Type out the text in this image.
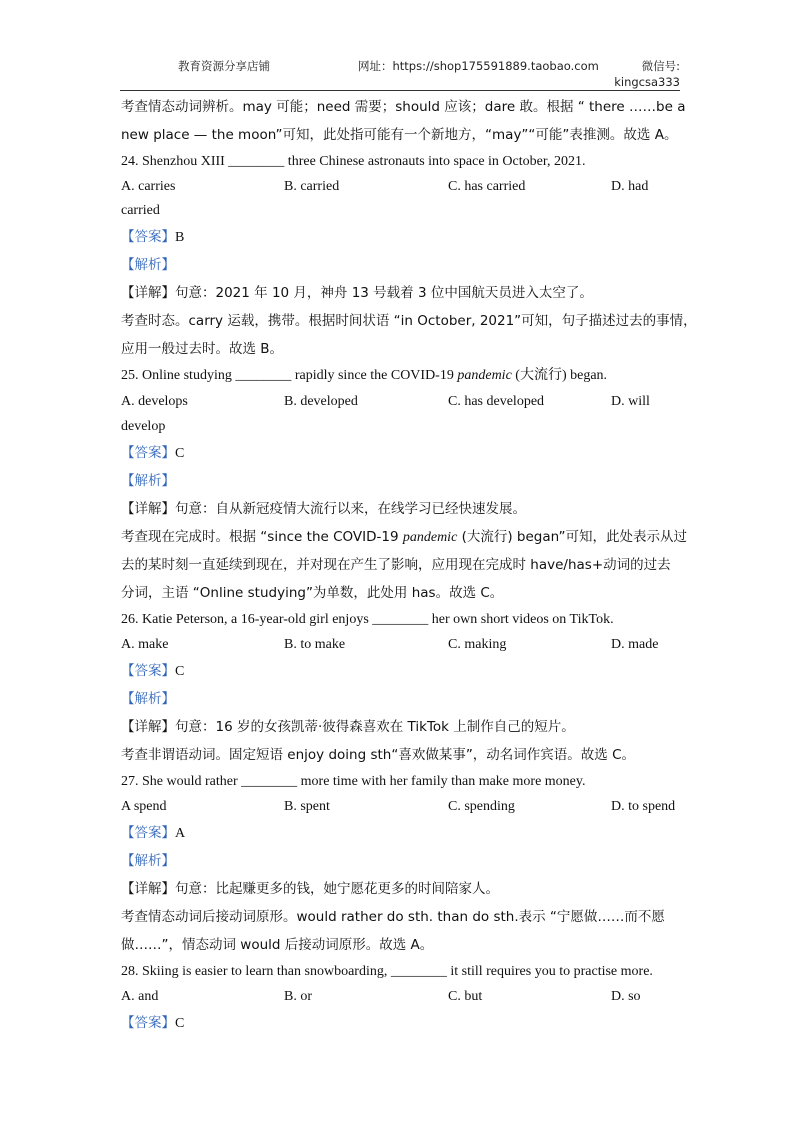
教育资源分享店铺	网址：https://shop175591889.taobao.com	微信号:
kingcsa333
考查情态动词辨析。may 可能；need 需要；should 应该；dare 敢。根据 “ there ……be a
new place — the moon”可知，此处指可能有一个新地方，“may”“可能”表推测。故选 A。
24. Shenzhou XIII ________ three Chinese astronauts into space in October, 2021.
A. carries	B. carried	C. has carried	D. had
carried
【答案】B
【解析】
【详解】句意：2021 年 10 月，神舟 13 号载着 3 位中国航天员进入太空了。
考查时态。carry 运载，携带。根据时间状语 “in October, 2021”可知，句子描述过去的事情，
应用一般过去时。故选 B。
25. Online studying ________ rapidly since the COVID-19 pandemic (大流行) began.
A. develops	B. developed	C. has developed	D. will
develop
【答案】C
【解析】
【详解】句意：自从新冠疫情大流行以来，在线学习已经快速发展。
考查现在完成时。根据 “since the COVID-19 pandemic (大流行) began”可知，此处表示从过
去的某时刻一直延续到现在，并对现在产生了影响，应用现在完成时 have/has+动词的过去
分词，主语 “Online studying”为单数，此处用 has。故选 C。
26. Katie Peterson, a 16-year-old girl enjoys ________ her own short videos on TikTok.
A. make	B. to make	C. making	D. made
【答案】C
【解析】
【详解】句意：16 岁的女孩凯蒂·彼得森喜欢在 TikTok 上制作自己的短片。
考查非谓语动词。固定短语 enjoy doing sth“喜欢做某事”，动名词作宾语。故选 C。
27. She would rather ________ more time with her family than make more money.
A spend	B. spent	C. spending	D. to spend
【答案】A
【解析】
【详解】句意：比起赚更多的钱，她宁愿花更多的时间陪家人。
考查情态动词后接动词原形。would rather do sth. than do sth.表示 “宁愿做……而不愿
做……”，情态动词 would 后接动词原形。故选 A。
28. Skiing is easier to learn than snowboarding, ________ it still requires you to practise more.
A. and	B. or	C. but	D. so
【答案】C
